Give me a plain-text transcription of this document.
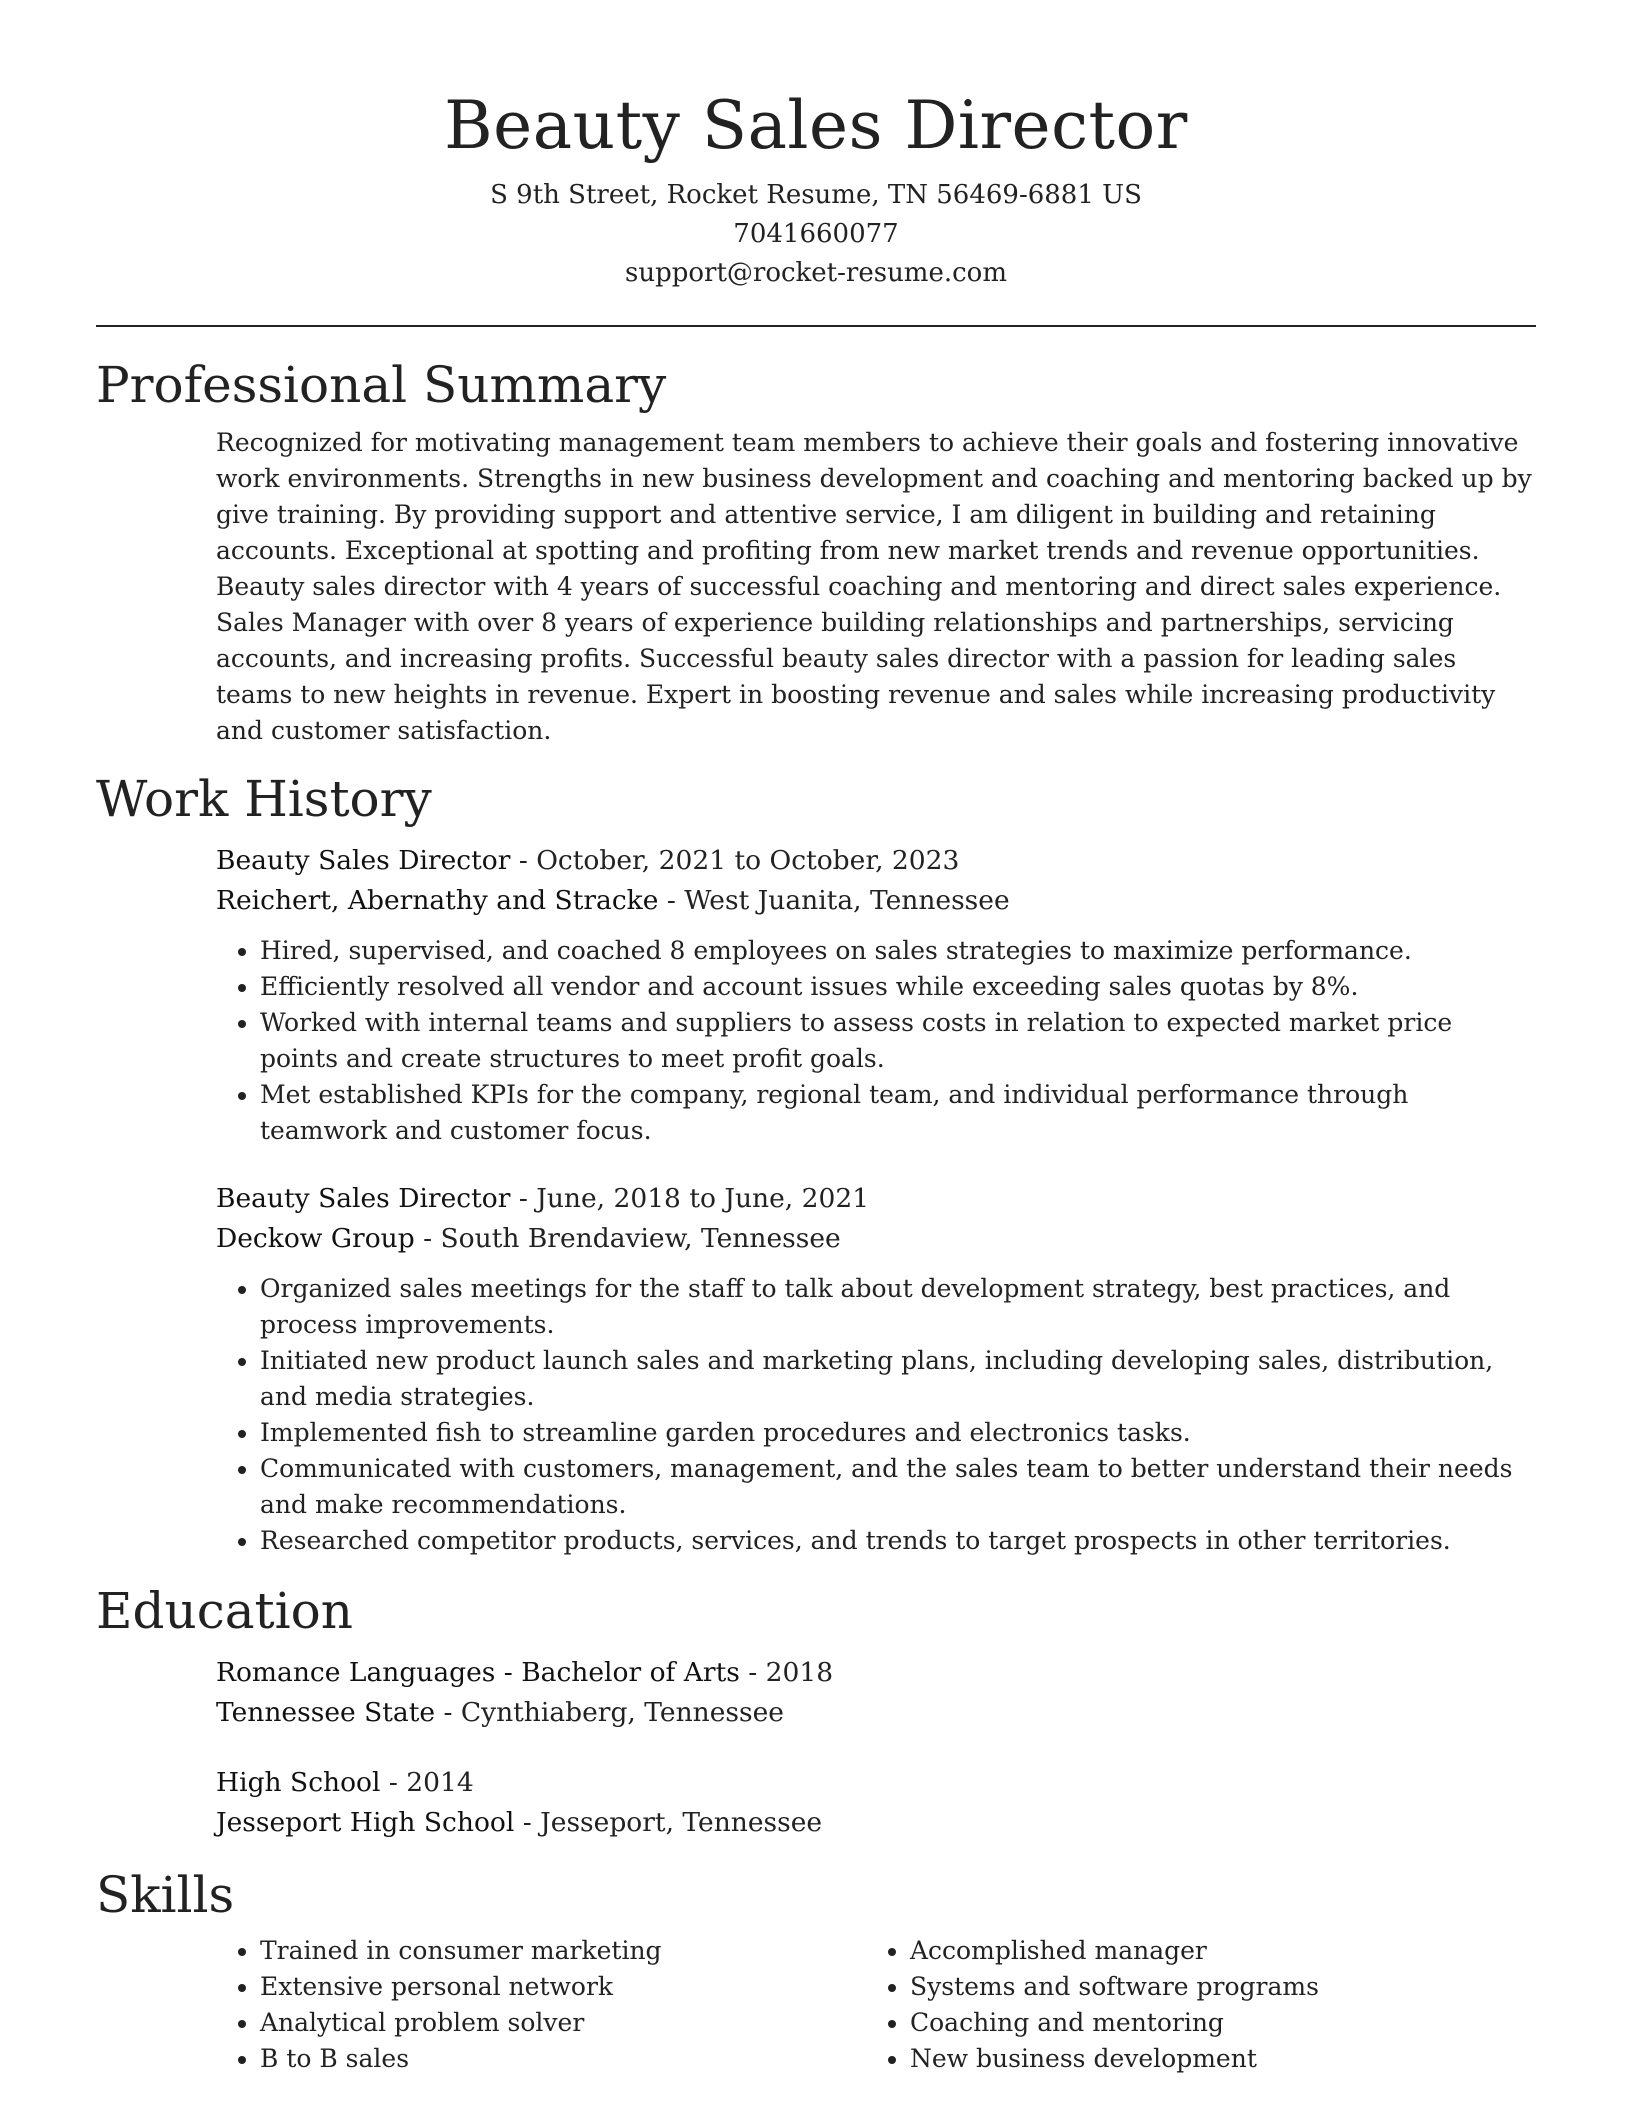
Beauty Sales Director
S 9th Street, Rocket Resume, TN 56469-6881 US
7041660077
support@rocket-resume.com
Professional Summary

Recognized for motivating management team members to achieve their goals and fostering innovative work environments. Strengths in new business development and coaching and mentoring backed up by give training. By providing support and attentive service, I am diligent in building and retaining accounts. Exceptional at spotting and profiting from new market trends and revenue opportunities. Beauty sales director with 4 years of successful coaching and mentoring and direct sales experience. Sales Manager with over 8 years of experience building relationships and partnerships, servicing accounts, and increasing profits. Successful beauty sales director with a passion for leading sales teams to new heights in revenue. Expert in boosting revenue and sales while increasing productivity and customer satisfaction.

Work History
Beauty Sales Director - October, 2021 to October, 2023
Reichert, Abernathy and Stracke - West Juanita, Tennessee
• Hired, supervised, and coached 8 employees on sales strategies to maximize performance.
• Efficiently resolved all vendor and account issues while exceeding sales quotas by 8%.
• Worked with internal teams and suppliers to assess costs in relation to expected market price points and create structures to meet profit goals.
• Met established KPIs for the company, regional team, and individual performance through teamwork and customer focus.
Beauty Sales Director - June, 2018 to June, 2021
Deckow Group - South Brendaview, Tennessee
• Organized sales meetings for the staff to talk about development strategy, best practices, and process improvements.
• Initiated new product launch sales and marketing plans, including developing sales, distribution, and media strategies.
• Implemented fish to streamline garden procedures and electronics tasks.
• Communicated with customers, management, and the sales team to better understand their needs and make recommendations.
• Researched competitor products, services, and trends to target prospects in other territories.
Education
Romance Languages - Bachelor of Arts - 2018
Tennessee State - Cynthiaberg, Tennessee
High School - 2014
Jesseport High School - Jesseport, Tennessee
Skills
• Trained in consumer marketing
• Extensive personal network
• Analytical problem solver
• B to B sales
• Accomplished manager
• Systems and software programs
• Coaching and mentoring
• New business development
